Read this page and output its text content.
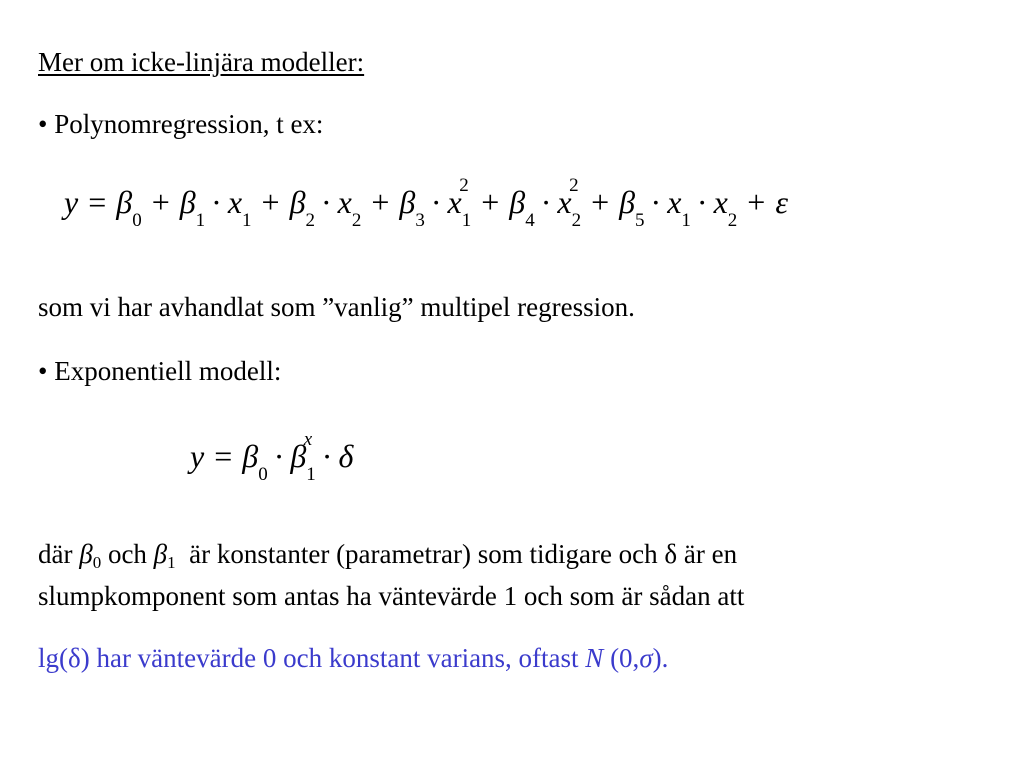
Mer om icke-linjära modeller:
• Polynomregression, t ex:
$y = \beta_0+ \beta_1\cdot x_1+ \beta_2\cdot x_2+ \beta_3\cdot x_1$
$2 + \beta_4\cdot x_2$
$2 + \beta_5\cdot x_1\cdot x_2+ \varepsilon$
som vi har avhandlat som ”vanlig” multipel regression.
• Exponentiell modell:
$y = \beta_0\cdot \beta_1$
x · δ
där β0 och β1 är konstanter (parametrar) som tidigare och δ är en
slumpkomponent som antas ha väntevärde 1 och som är sådan att
lg(δ) har väntevärde 0 och konstant varians, oftast N (0,σ).
